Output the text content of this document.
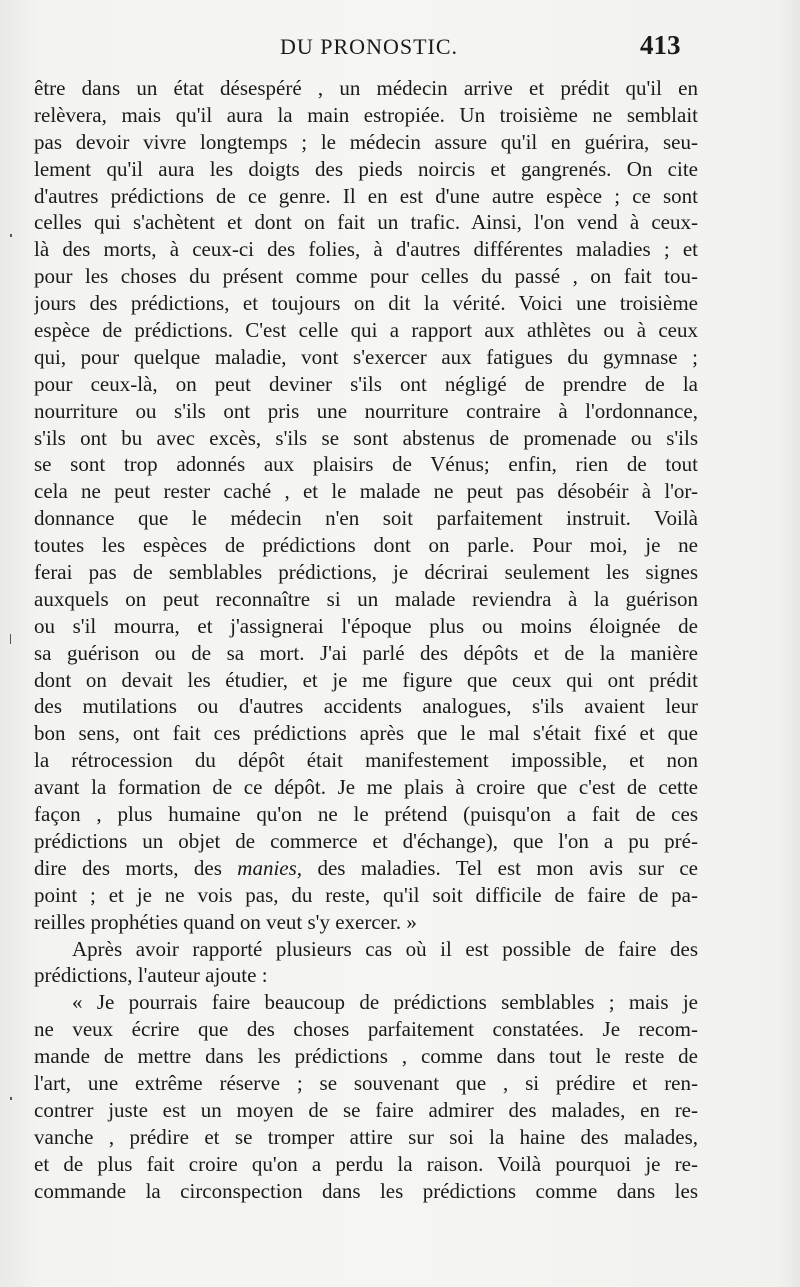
DU PRONOSTIC.	413
être dans un état désespéré , un médecin arrive et prédit qu'il en
relèvera, mais qu'il aura la main estropiée. Un troisième ne semblait
pas devoir vivre longtemps ; le médecin assure qu'il en guérira, seu-
lement qu'il aura les doigts des pieds noircis et gangrenés. On cite
d'autres prédictions de ce genre. Il en est d'une autre espèce ; ce sont
celles qui s'achètent et dont on fait un trafic. Ainsi, l'on vend à ceux-
là des morts, à ceux-ci des folies, à d'autres différentes maladies ; et
pour les choses du présent comme pour celles du passé , on fait tou-
jours des prédictions, et toujours on dit la vérité. Voici une troisième
espèce de prédictions. C'est celle qui a rapport aux athlètes ou à ceux
qui, pour quelque maladie, vont s'exercer aux fatigues du gymnase ;
pour ceux-là, on peut deviner s'ils ont négligé de prendre de la
nourriture ou s'ils ont pris une nourriture contraire à l'ordonnance,
s'ils ont bu avec excès, s'ils se sont abstenus de promenade ou s'ils
se sont trop adonnés aux plaisirs de Vénus; enfin, rien de tout
cela ne peut rester caché , et le malade ne peut pas désobéir à l'or-
donnance que le médecin n'en soit parfaitement instruit. Voilà
toutes les espèces de prédictions dont on parle. Pour moi, je ne
ferai pas de semblables prédictions, je décrirai seulement les signes
auxquels on peut reconnaître si un malade reviendra à la guérison
ou s'il mourra, et j'assignerai l'époque plus ou moins éloignée de
sa guérison ou de sa mort. J'ai parlé des dépôts et de la manière
dont on devait les étudier, et je me figure que ceux qui ont prédit
des mutilations ou d'autres accidents analogues, s'ils avaient leur
bon sens, ont fait ces prédictions après que le mal s'était fixé et que
la rétrocession du dépôt était manifestement impossible, et non
avant la formation de ce dépôt. Je me plais à croire que c'est de cette
façon , plus humaine qu'on ne le prétend (puisqu'on a fait de ces
prédictions un objet de commerce et d'échange), que l'on a pu pré-
dire des morts, des manies, des maladies. Tel est mon avis sur ce
point ; et je ne vois pas, du reste, qu'il soit difficile de faire de pa-
reilles prophéties quand on veut s'y exercer. »
Après avoir rapporté plusieurs cas où il est possible de faire des
prédictions, l'auteur ajoute :
« Je pourrais faire beaucoup de prédictions semblables ; mais je
ne veux écrire que des choses parfaitement constatées. Je recom-
mande de mettre dans les prédictions , comme dans tout le reste de
l'art, une extrême réserve ; se souvenant que , si prédire et ren-
contrer juste est un moyen de se faire admirer des malades, en re-
vanche , prédire et se tromper attire sur soi la haine des malades,
et de plus fait croire qu'on a perdu la raison. Voilà pourquoi je re-
commande la circonspection dans les prédictions comme dans les
